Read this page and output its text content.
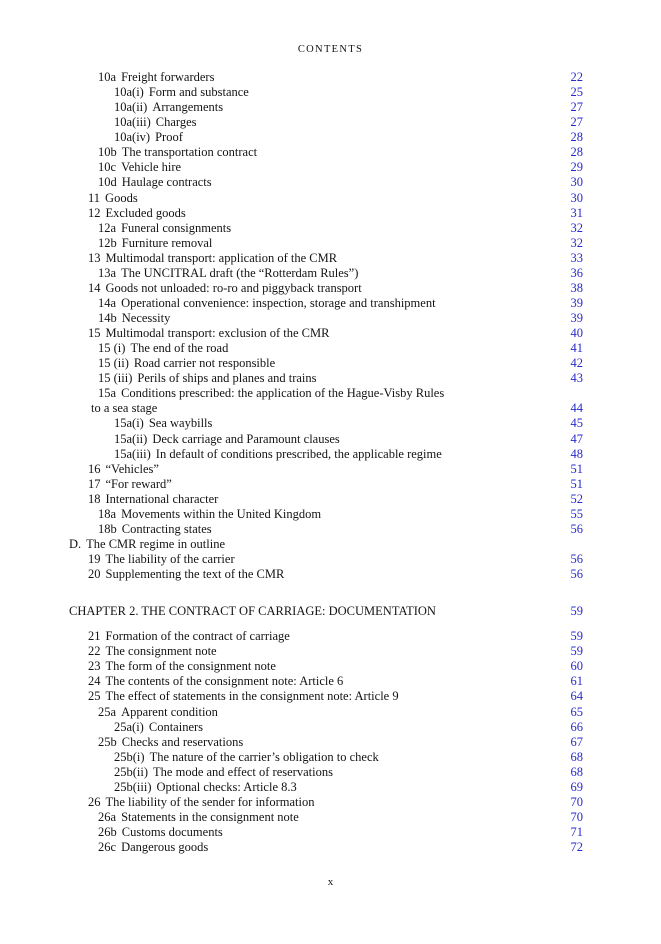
CONTENTS
10a Freight forwarders	22
10a(i) Form and substance	25
10a(ii) Arrangements	27
10a(iii) Charges	27
10a(iv) Proof	28
10b The transportation contract	28
10c Vehicle hire	29
10d Haulage contracts	30
11 Goods	30
12 Excluded goods	31
12a Funeral consignments	32
12b Furniture removal	32
13 Multimodal transport: application of the CMR	33
13a The UNCITRAL draft (the “Rotterdam Rules”)	36
14 Goods not unloaded: ro-ro and piggyback transport	38
14a Operational convenience: inspection, storage and transhipment	39
14b Necessity	39
15 Multimodal transport: exclusion of the CMR	40
15 (i) The end of the road	41
15 (ii) Road carrier not responsible	42
15 (iii) Perils of ships and planes and trains	43
15a Conditions prescribed: the application of the Hague-Visby Rules
to a sea stage	44
15a(i) Sea waybills	45
15a(ii) Deck carriage and Paramount clauses	47
15a(iii) In default of conditions prescribed, the applicable regime	48
16 “Vehicles”	51
17 “For reward”	51
18 International character	52
18a Movements within the United Kingdom	55
18b Contracting states	56
D. The CMR regime in outline
19 The liability of the carrier	56
20 Supplementing the text of the CMR	56
CHAPTER 2. THE CONTRACT OF CARRIAGE: DOCUMENTATION	59
21 Formation of the contract of carriage	59
22 The consignment note	59
23 The form of the consignment note	60
24 The contents of the consignment note: Article 6	61
25 The effect of statements in the consignment note: Article 9	64
25a Apparent condition	65
25a(i) Containers	66
25b Checks and reservations	67
25b(i) The nature of the carrier’s obligation to check	68
25b(ii) The mode and effect of reservations	68
25b(iii) Optional checks: Article 8.3	69
26 The liability of the sender for information	70
26a Statements in the consignment note	70
26b Customs documents	71
26c Dangerous goods	72
x
